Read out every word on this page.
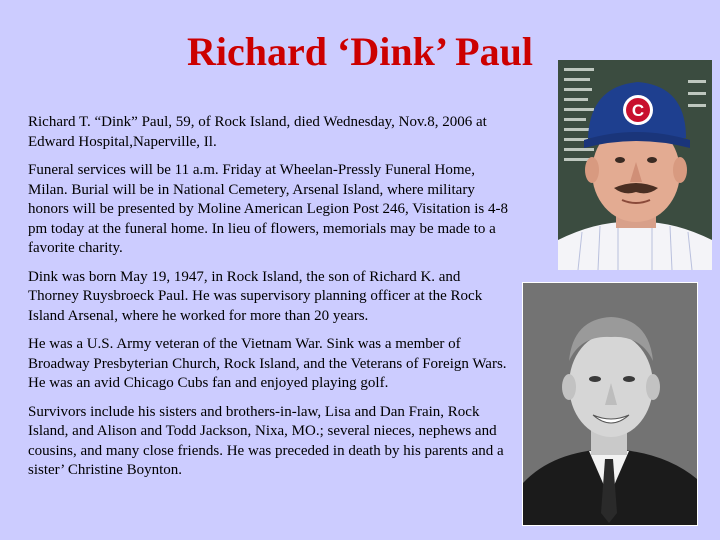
Richard ‘Dink’ Paul

Richard T. “Dink” Paul, 59, of Rock Island, died Wednesday, Nov.8, 2006 at Edward Hospital,Naperville, Il.

Funeral services will be 11 a.m. Friday at Wheelan-Pressly Funeral Home, Milan. Burial will be in National Cemetery, Arsenal Island, where military honors will be presented by Moline American Legion Post 246, Visitation is 4-8 pm today at the funeral home. In lieu of flowers, memorials may be made to a favorite charity.

Dink was born May 19, 1947, in Rock Island, the son of Richard K. and Thorney Ruysbroeck Paul. He was supervisory planning officer at the Rock Island Arsenal, where he worked for more than 20 years.

He was a U.S. Army veteran of the Vietnam War. Sink was a member of Broadway Presbyterian Church, Rock Island, and the Veterans of Foreign Wars. He was an avid Chicago Cubs fan and enjoyed playing golf.

Survivors include his sisters and brothers-in-law, Lisa and Dan Frain, Rock Island, and Alison and Todd Jackson, Nixa, MO.; several nieces, nephews and cousins, and many close friends. He was preceded in death by his parents and a sister’ Christine Boynton.

C
